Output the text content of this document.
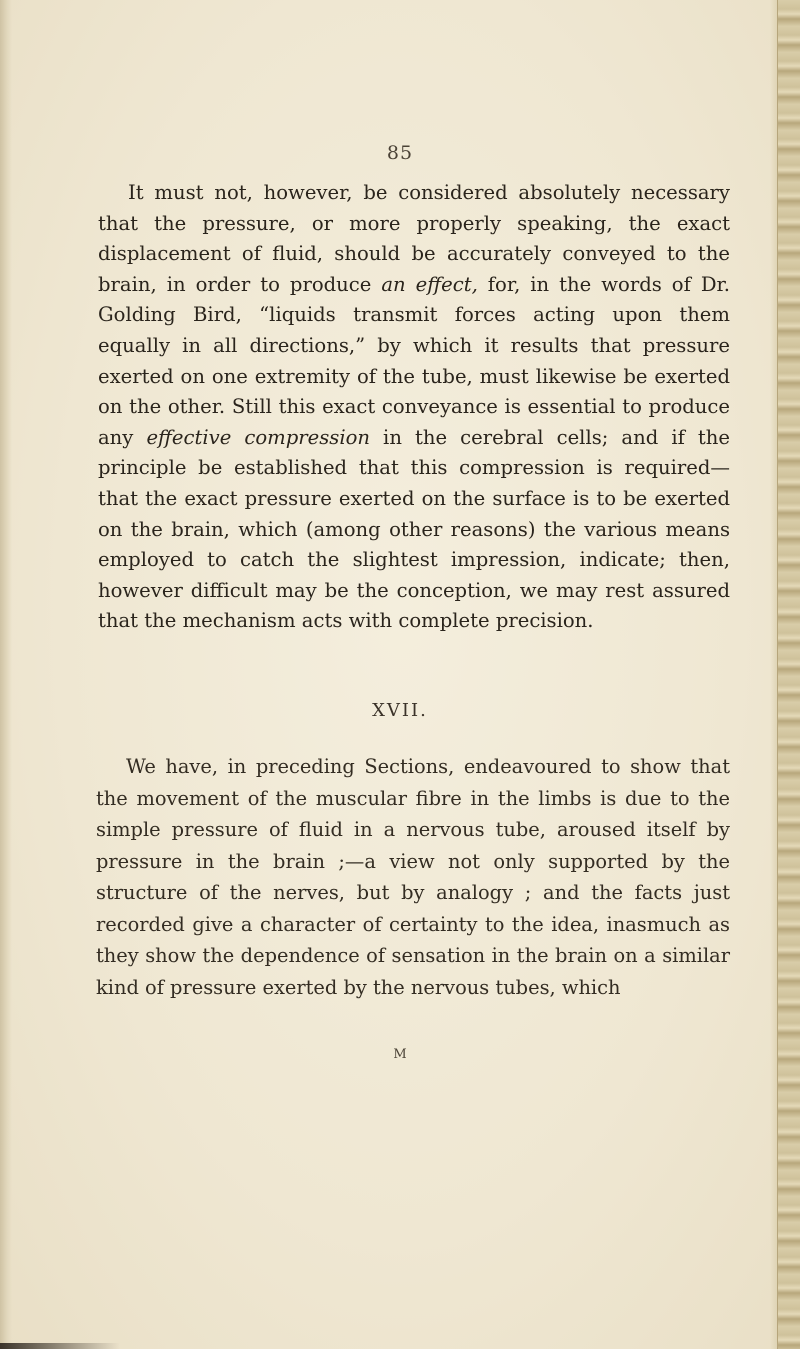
85

It must not, however, be considered absolutely necessary that the pressure, or more properly speaking, the exact displacement of fluid, should be accurately conveyed to the brain, in order to produce an effect, for, in the words of Dr. Golding Bird, “liquids transmit forces acting upon them equally in all directions,” by which it results that pressure exerted on one extremity of the tube, must likewise be exerted on the other. Still this exact conveyance is essential to produce any effective compression in the cerebral cells; and if the principle be established that this compression is required—that the exact pressure exerted on the surface is to be exerted on the brain, which (among other reasons) the various means employed to catch the slightest impression, indicate; then, however difficult may be the conception, we may rest assured that the mechanism acts with complete precision.

XVII.

We have, in preceding Sections, endeavoured to show that the movement of the muscular fibre in the limbs is due to the simple pressure of fluid in a nervous tube, aroused itself by pressure in the brain ;—a view not only supported by the structure of the nerves, but by analogy ; and the facts just recorded give a character of certainty to the idea, inasmuch as they show the dependence of sensation in the brain on a similar kind of pressure exerted by the nervous tubes, which

M
